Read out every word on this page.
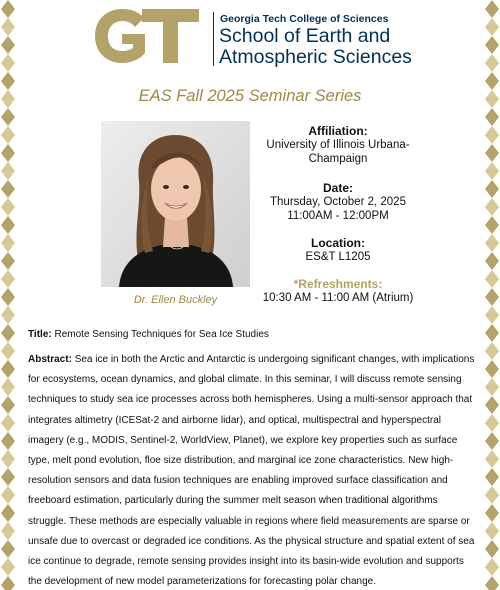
Georgia Tech College of Sciences
School of Earth and
Atmospheric Sciences
EAS Fall 2025 Seminar Series
Dr. Ellen Buckley
Affiliation:
University of Illinois Urbana-
Champaign
Date:
Thursday, October 2, 2025
11:00AM - 12:00PM
Location:
ES&T L1205
*Refreshments:
10:30 AM - 11:00 AM (Atrium)
Title: Remote Sensing Techniques for Sea Ice Studies
Abstract: Sea ice in both the Arctic and Antarctic is undergoing significant changes, with implications for ecosystems, ocean dynamics, and global climate. In this seminar, I will discuss remote sensing techniques to study sea ice processes across both hemispheres. Using a multi-sensor approach that integrates altimetry (ICESat-2 and airborne lidar), and optical, multispectral and hyperspectral imagery (e.g., MODIS, Sentinel-2, WorldView, Planet), we explore key properties such as surface type, melt pond evolution, floe size distribution, and marginal ice zone characteristics. New high-resolution sensors and data fusion techniques are enabling improved surface classification and freeboard estimation, particularly during the summer melt season when traditional algorithms struggle. These methods are especially valuable in regions where field measurements are sparse or unsafe due to overcast or degraded ice conditions. As the physical structure and spatial extent of sea ice continue to degrade, remote sensing provides insight into its basin-wide evolution and supports the development of new model parameterizations for forecasting polar change.
